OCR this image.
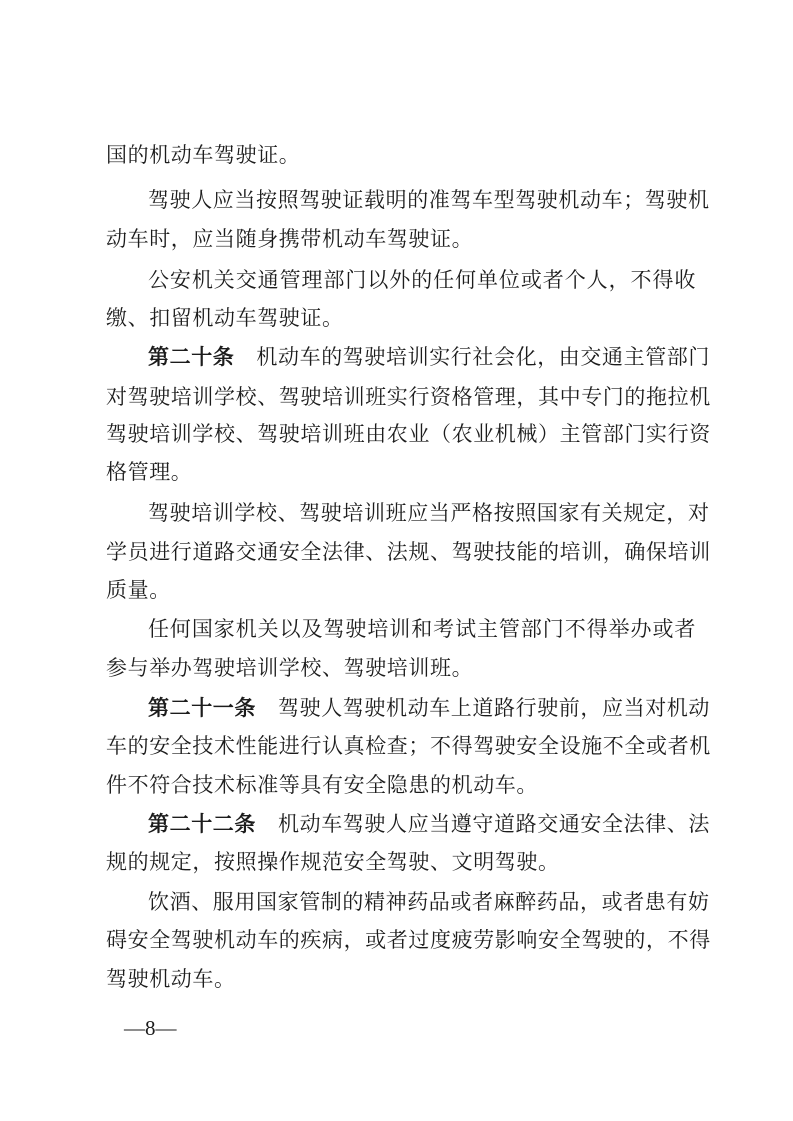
国的机动车驾驶证。
驾驶人应当按照驾驶证载明的准驾车型驾驶机动车；驾驶机
动车时，应当随身携带机动车驾驶证。
公安机关交通管理部门以外的任何单位或者个人，不得收
缴、扣留机动车驾驶证。
第二十条 机动车的驾驶培训实行社会化，由交通主管部门
对驾驶培训学校、驾驶培训班实行资格管理，其中专门的拖拉机
驾驶培训学校、驾驶培训班由农业（农业机械）主管部门实行资
格管理。
驾驶培训学校、驾驶培训班应当严格按照国家有关规定，对
学员进行道路交通安全法律、法规、驾驶技能的培训，确保培训
质量。
任何国家机关以及驾驶培训和考试主管部门不得举办或者
参与举办驾驶培训学校、驾驶培训班。
第二十一条 驾驶人驾驶机动车上道路行驶前，应当对机动
车的安全技术性能进行认真检查；不得驾驶安全设施不全或者机
件不符合技术标准等具有安全隐患的机动车。
第二十二条 机动车驾驶人应当遵守道路交通安全法律、法
规的规定，按照操作规范安全驾驶、文明驾驶。
饮酒、服用国家管制的精神药品或者麻醉药品，或者患有妨
碍安全驾驶机动车的疾病，或者过度疲劳影响安全驾驶的，不得
驾驶机动车。
—8—
